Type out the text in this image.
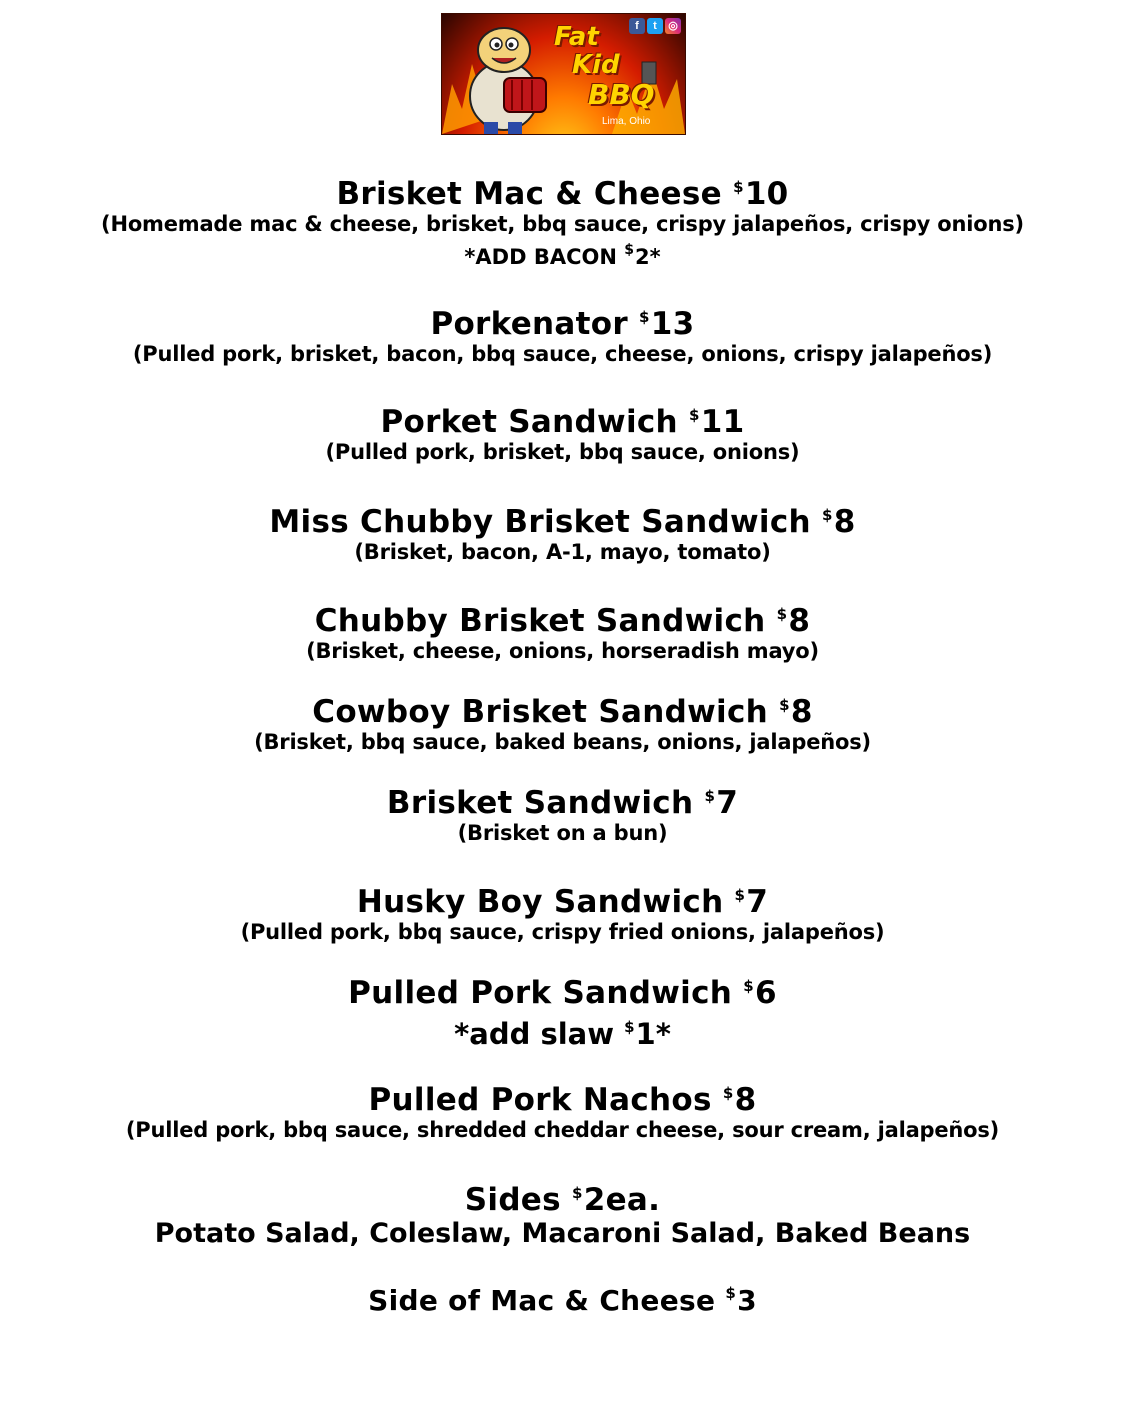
Fat
Kid
BBQ
Lima, Ohio
f	t	◎
Brisket Mac & Cheese $10
(Homemade mac & cheese, brisket, bbq sauce, crispy jalapeños, crispy onions)
*ADD BACON $2*
Porkenator $13
(Pulled pork, brisket, bacon, bbq sauce, cheese, onions, crispy jalapeños)
Porket Sandwich $11
(Pulled pork, brisket, bbq sauce, onions)
Miss Chubby Brisket Sandwich $8
(Brisket, bacon, A-1, mayo, tomato)
Chubby Brisket Sandwich $8
(Brisket, cheese, onions, horseradish mayo)
Cowboy Brisket Sandwich $8
(Brisket, bbq sauce, baked beans, onions, jalapeños)
Brisket Sandwich $7
(Brisket on a bun)
Husky Boy Sandwich $7
(Pulled pork, bbq sauce, crispy fried onions, jalapeños)
Pulled Pork Sandwich $6
*add slaw $1*
Pulled Pork Nachos $8
(Pulled pork, bbq sauce, shredded cheddar cheese, sour cream, jalapeños)
Sides $2ea.
Potato Salad, Coleslaw, Macaroni Salad, Baked Beans
Side of Mac & Cheese $3
